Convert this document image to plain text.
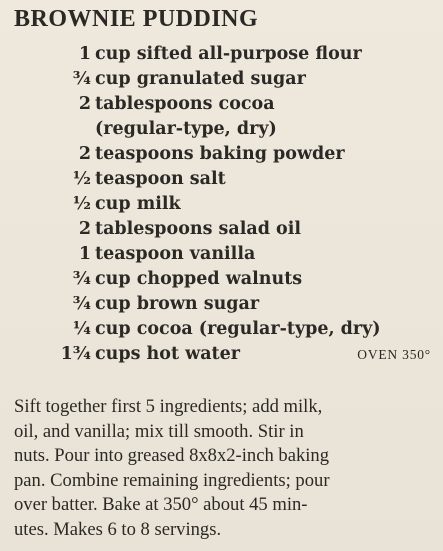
BROWNIE PUDDING
1 cup sifted all-purpose flour
¾ cup granulated sugar
2 tablespoons cocoa
(regular-type, dry)
2 teaspoons baking powder
½ teaspoon salt
½ cup milk
2 tablespoons salad oil
1 teaspoon vanilla
¾ cup chopped walnuts
¾ cup brown sugar
¼ cup cocoa (regular-type, dry)
1¾ cups hot water	OVEN 350°
Sift together first 5 ingredients; add milk,
oil, and vanilla; mix till smooth. Stir in
nuts. Pour into greased 8x8x2-inch baking
pan. Combine remaining ingredients; pour
over batter. Bake at 350° about 45 min-
utes. Makes 6 to 8 servings.
